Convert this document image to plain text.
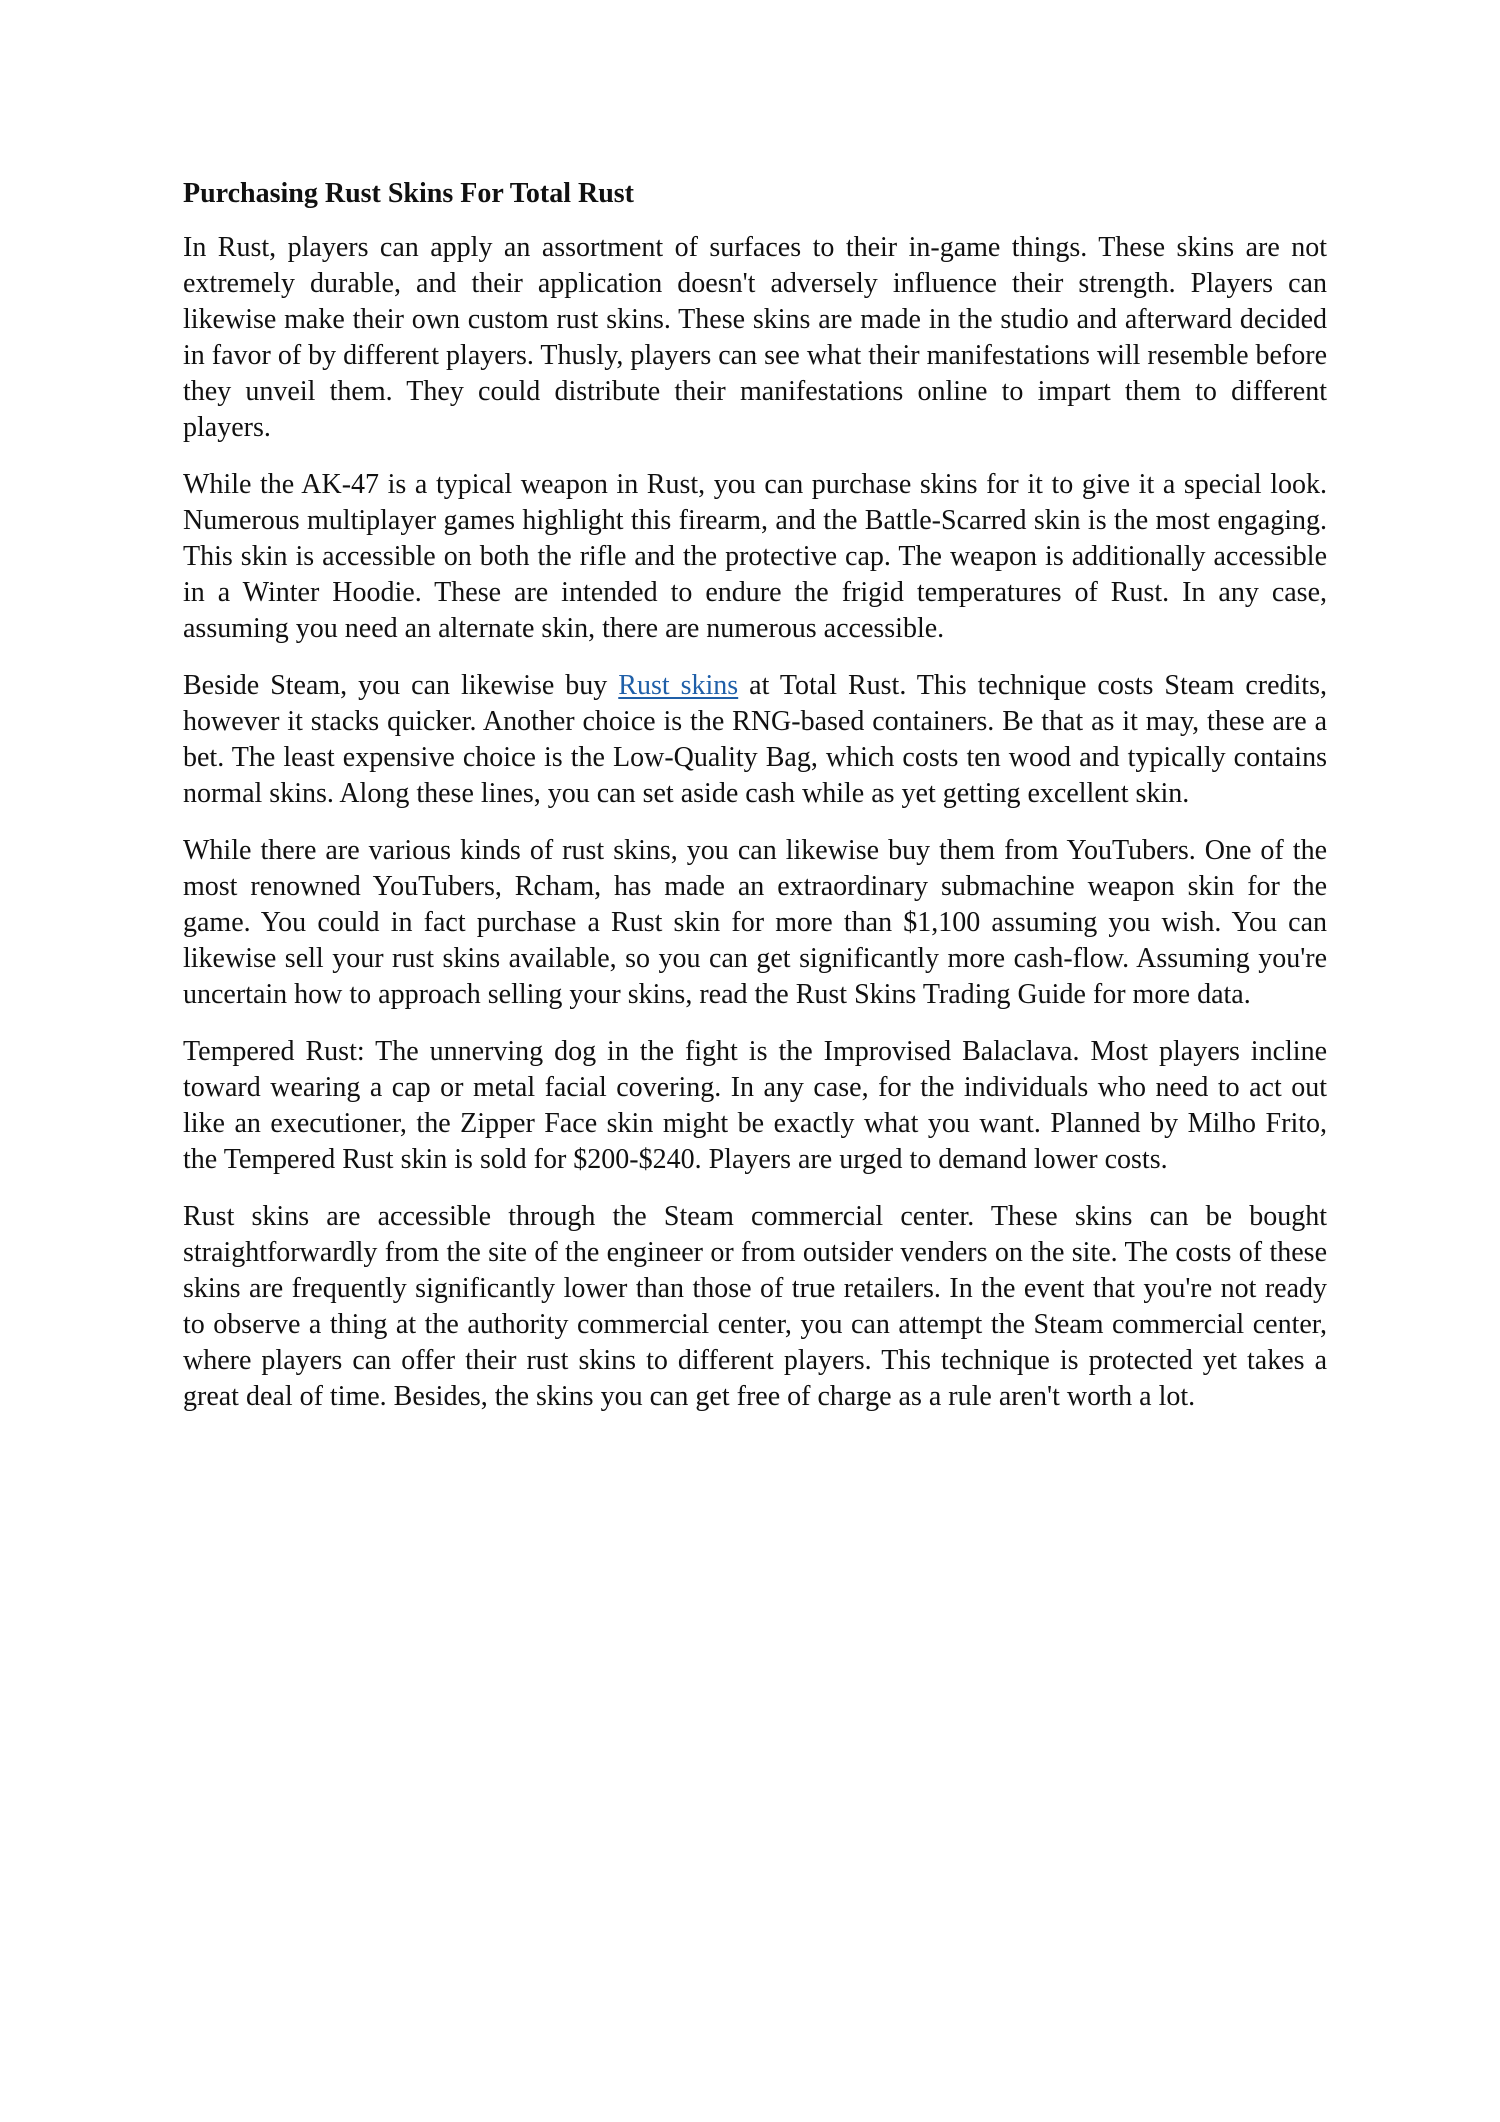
Purchasing Rust Skins For Total Rust

In Rust, players can apply an assortment of surfaces to their in-game things. These skins are not extremely durable, and their application doesn't adversely influence their strength. Players can likewise make their own custom rust skins. These skins are made in the studio and afterward decided in favor of by different players. Thusly, players can see what their manifestations will resemble before they unveil them. They could distribute their manifestations online to impart them to different players.

While the AK-47 is a typical weapon in Rust, you can purchase skins for it to give it a special look. Numerous multiplayer games highlight this firearm, and the Battle-Scarred skin is the most engaging. This skin is accessible on both the rifle and the protective cap. The weapon is additionally accessible in a Winter Hoodie. These are intended to endure the frigid temperatures of Rust. In any case, assuming you need an alternate skin, there are numerous accessible.

Beside Steam, you can likewise buy Rust skins at Total Rust. This technique costs Steam credits, however it stacks quicker. Another choice is the RNG-based containers. Be that as it may, these are a bet. The least expensive choice is the Low-Quality Bag, which costs ten wood and typically contains normal skins. Along these lines, you can set aside cash while as yet getting excellent skin.

While there are various kinds of rust skins, you can likewise buy them from YouTubers. One of the most renowned YouTubers, Rcham, has made an extraordinary submachine weapon skin for the game. You could in fact purchase a Rust skin for more than $1,100 assuming you wish. You can likewise sell your rust skins available, so you can get significantly more cash-flow. Assuming you're uncertain how to approach selling your skins, read the Rust Skins Trading Guide for more data.

Tempered Rust: The unnerving dog in the fight is the Improvised Balaclava. Most players incline toward wearing a cap or metal facial covering. In any case, for the individuals who need to act out like an executioner, the Zipper Face skin might be exactly what you want. Planned by Milho Frito, the Tempered Rust skin is sold for $200-$240. Players are urged to demand lower costs.

Rust skins are accessible through the Steam commercial center. These skins can be bought straightforwardly from the site of the engineer or from outsider venders on the site. The costs of these skins are frequently significantly lower than those of true retailers. In the event that you're not ready to observe a thing at the authority commercial center, you can attempt the Steam commercial center, where players can offer their rust skins to different players. This technique is protected yet takes a great deal of time. Besides, the skins you can get free of charge as a rule aren't worth a lot.
